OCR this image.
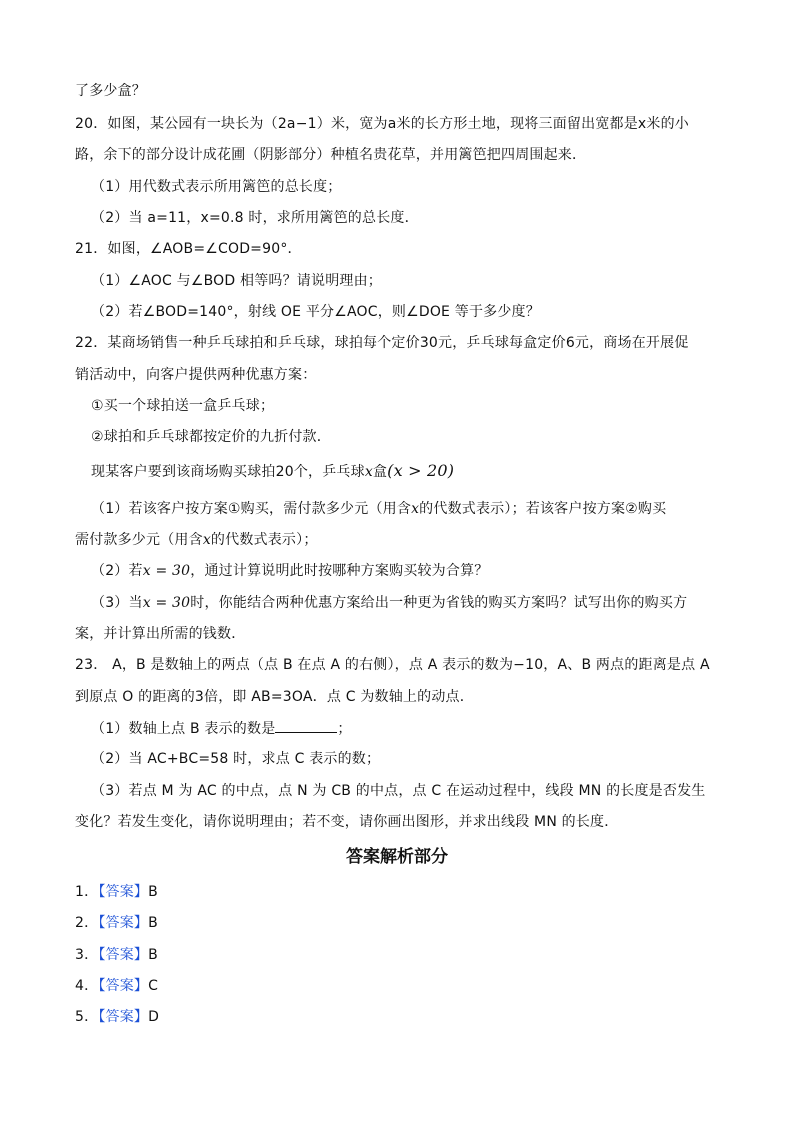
了多少盒？
20．如图，某公园有一块长为（2a−1）米，宽为a米的长方形土地，现将三面留出宽都是x米的小
路，余下的部分设计成花圃（阴影部分）种植名贵花草，并用篱笆把四周围起来．
（1）用代数式表示所用篱笆的总长度；
（2）当 a=11，x=0.8 时，求所用篱笆的总长度．
21．如图，∠AOB=∠COD=90°．
（1）∠AOC 与∠BOD 相等吗？请说明理由；
（2）若∠BOD=140°，射线 OE 平分∠AOC，则∠DOE 等于多少度？
22．某商场销售一种乒乓球拍和乒乓球，球拍每个定价30元，乒乓球每盒定价6元，商场在开展促
销活动中，向客户提供两种优惠方案：
①买一个球拍送一盒乒乓球；
②球拍和乒乓球都按定价的九折付款．
现某客户要到该商场购买球拍20个，乒乓球x盒(x > 20)
（1）若该客户按方案①购买，需付款多少元（用含x的代数式表示）；若该客户按方案②购买
需付款多少元（用含x的代数式表示）；
（2）若x = 30，通过计算说明此时按哪种方案购买较为合算？
（3）当x = 30时，你能结合两种优惠方案给出一种更为省钱的购买方案吗？试写出你的购买方
案，并计算出所需的钱数．
23． A，B 是数轴上的两点（点 B 在点 A 的右侧），点 A 表示的数为−10，A、B 两点的距离是点 A
到原点 O 的距离的3倍，即 AB=3OA．点 C 为数轴上的动点．
（1）数轴上点 B 表示的数是	；
（2）当 AC+BC=58 时，求点 C 表示的数；
（3）若点 M 为 AC 的中点，点 N 为 CB 的中点，点 C 在运动过程中，线段 MN 的长度是否发生
变化？若发生变化，请你说明理由；若不变，请你画出图形，并求出线段 MN 的长度．
答案解析部分
1．【答案】B
2．【答案】B
3．【答案】B
4．【答案】C
5．【答案】D
